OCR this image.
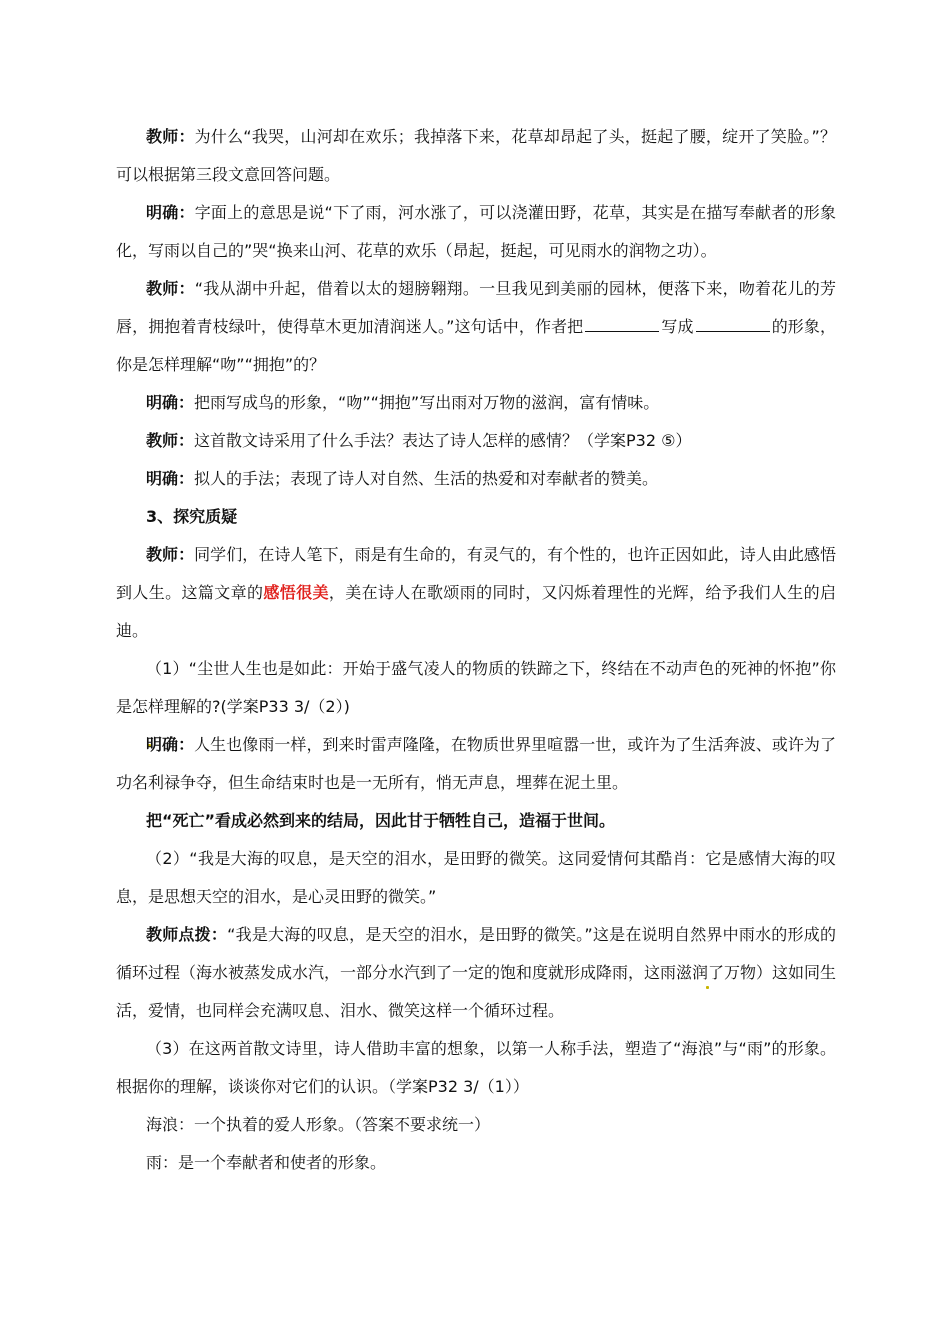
教师：为什么“我哭，山河却在欢乐；我掉落下来，花草却昂起了头，挺起了腰，绽开了笑脸。”？可以根据第三段文意回答问题。

明确：字面上的意思是说“下了雨，河水涨了，可以浇灌田野，花草，其实是在描写奉献者的形象化，写雨以自己的”哭“换来山河、花草的欢乐（昂起，挺起，可见雨水的润物之功）。

教师：“我从湖中升起，借着以太的翅膀翱翔。一旦我见到美丽的园林，便落下来，吻着花儿的芳唇，拥抱着青枝绿叶，使得草木更加清润迷人。”这句话中，作者把	写成	的形象，你是怎样理解“吻”“拥抱”的？

明确：把雨写成鸟的形象，“吻”“拥抱”写出雨对万物的滋润，富有情味。

教师：这首散文诗采用了什么手法？表达了诗人怎样的感情？（学案P32 ⑤）

明确：拟人的手法；表现了诗人对自然、生活的热爱和对奉献者的赞美。

3、探究质疑

教师：同学们，在诗人笔下，雨是有生命的，有灵气的，有个性的，也许正因如此，诗人由此感悟到人生。这篇文章的感悟很美，美在诗人在歌颂雨的同时，又闪烁着理性的光辉，给予我们人生的启迪。

（1）“尘世人生也是如此：开始于盛气凌人的物质的铁蹄之下，终结在不动声色的死神的怀抱”你是怎样理解的?(学案P33 3/（2）)

明确：人生也像雨一样，到来时雷声隆隆，在物质世界里喧嚣一世，或许为了生活奔波、或许为了功名利禄争夺，但生命结束时也是一无所有，悄无声息，埋葬在泥土里。

把“死亡”看成必然到来的结局，因此甘于牺牲自己，造福于世间。

（2）“我是大海的叹息，是天空的泪水，是田野的微笑。这同爱情何其酷肖：它是感情大海的叹息，是思想天空的泪水，是心灵田野的微笑。”

教师点拨：“我是大海的叹息，是天空的泪水，是田野的微笑。”这是在说明自然界中雨水的形成的循环过程（海水被蒸发成水汽，一部分水汽到了一定的饱和度就形成降雨，这雨滋润了万物）这如同生活，爱情，也同样会充满叹息、泪水、微笑这样一个循环过程。

（3）在这两首散文诗里，诗人借助丰富的想象，以第一人称手法，塑造了“海浪”与“雨”的形象。根据你的理解，谈谈你对它们的认识。（学案P32 3/（1））

海浪：一个执着的爱人形象。（答案不要求统一）

雨：是一个奉献者和使者的形象。
